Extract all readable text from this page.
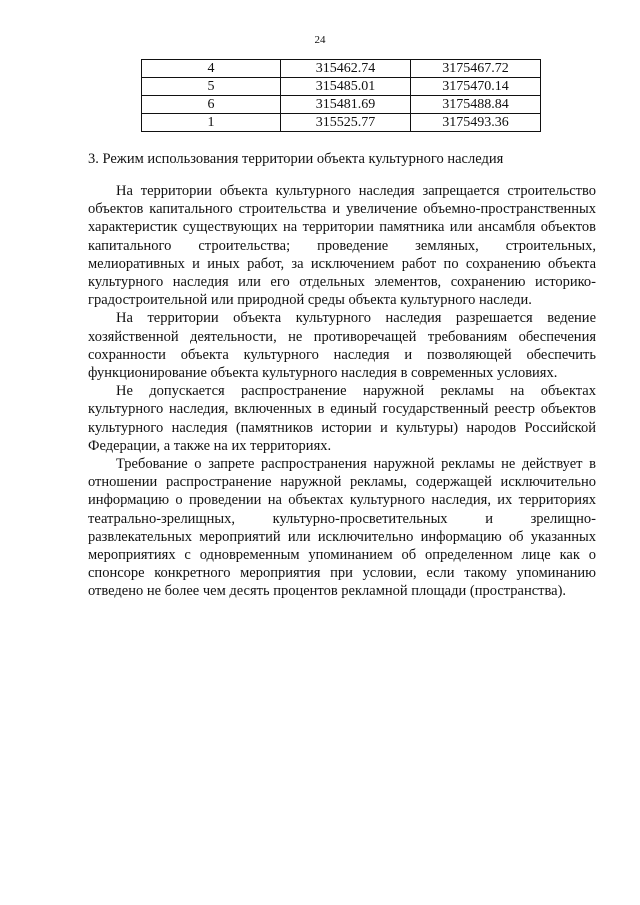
24
4	315462.74	3175467.72
5	315485.01	3175470.14
6	315481.69	3175488.84
1	315525.77	3175493.36
3. Режим использования территории объекта культурного наследия

На территории объекта культурного наследия запрещается строительство объектов капитального строительства и увеличение объемно-пространственных характеристик существующих на территории памятника или ансамбля объектов капитального строительства; проведение земляных, строительных, мелиоративных и иных работ, за исключением работ по сохранению объекта культурного наследия или его отдельных элементов, сохранению историко-градостроительной или природной среды объекта культурного наследи.

На территории объекта культурного наследия разрешается ведение хозяйственной деятельности, не противоречащей требованиям обеспечения сохранности объекта культурного наследия и позволяющей обеспечить функционирование объекта культурного наследия в современных условиях.

Не допускается распространение наружной рекламы на объектах культурного наследия, включенных в единый государственный реестр объектов культурного наследия (памятников истории и культуры) народов Российской Федерации, а также на их территориях.

Требование о запрете распространения наружной рекламы не действует в отношении распространение наружной рекламы, содержащей исключительно информацию о проведении на объектах культурного наследия, их территориях театрально-зрелищных, культурно-просветительных и зрелищно-развлекательных мероприятий или исключительно информацию об указанных мероприятиях с одновременным упоминанием об определенном лице как о спонсоре конкретного мероприятия при условии, если такому упоминанию отведено не более чем десять процентов рекламной площади (пространства).
